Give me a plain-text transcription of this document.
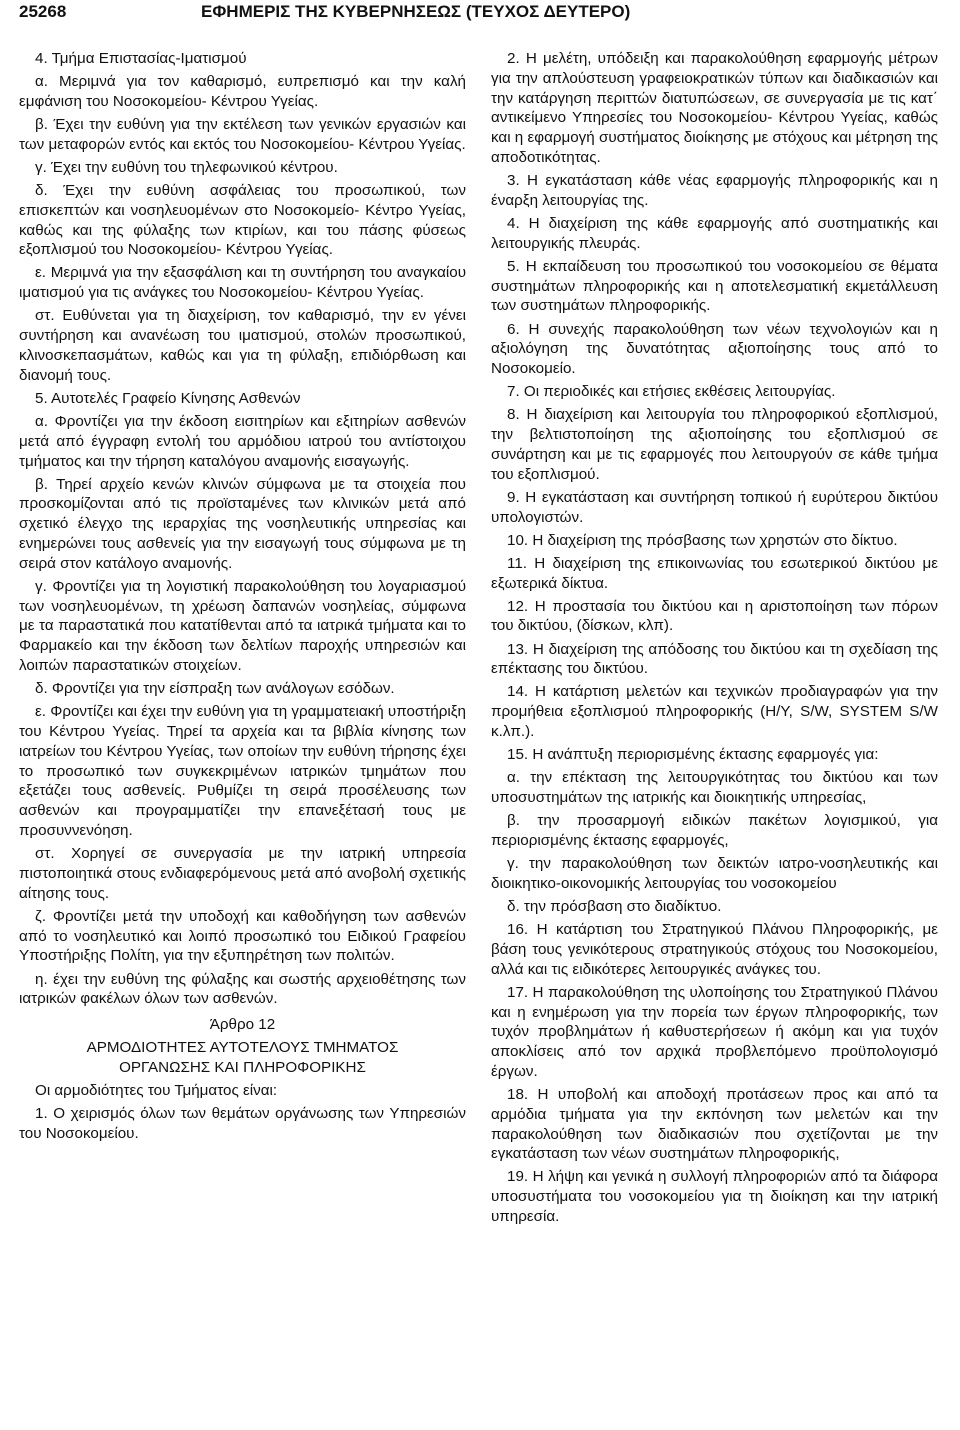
25268	ΕΦΗΜΕΡΙΣ ΤΗΣ ΚΥΒΕΡΝΗΣΕΩΣ (ΤΕΥΧΟΣ ΔΕΥΤΕΡΟ)

4. Τμήμα Επιστασίας-Ιματισμού

α. Μεριμνά για τον καθαρισμό, ευπρεπισμό και την καλή εμφάνιση του Νοσοκομείου- Κέντρου Υγείας.

β. Έχει την ευθύνη για την εκτέλεση των γενικών εργασιών και των μεταφορών εντός και εκτός του Νοσοκομείου- Κέντρου Υγείας.

γ. Έχει την ευθύνη του τηλεφωνικού κέντρου.

δ. Έχει την ευθύνη ασφάλειας του προσωπικού, των επισκεπτών και νοσηλευομένων στο Νοσοκομείο- Κέντρο Υγείας, καθώς και της φύλαξης των κτιρίων, και του πάσης φύσεως εξοπλισμού του Νοσοκομείου- Κέντρου Υγείας.

ε. Μεριμνά για την εξασφάλιση και τη συντήρηση του αναγκαίου ιματισμού για τις ανάγκες του Νοσοκομείου- Κέντρου Υγείας.

στ. Ευθύνεται για τη διαχείριση, τον καθαρισμό, την εν γένει συντήρηση και ανανέωση του ιματισμού, στολών προσωπικού, κλινοσκεπασμάτων, καθώς και για τη φύλαξη, επιδιόρθωση και διανομή τους.

5. Αυτοτελές Γραφείο Κίνησης Ασθενών

α. Φροντίζει για την έκδοση εισιτηρίων και εξιτηρίων ασθενών μετά από έγγραφη εντολή του αρμόδιου ιατρού του αντίστοιχου τμήματος και την τήρηση καταλόγου αναμονής εισαγωγής.

β. Τηρεί αρχείο κενών κλινών σύμφωνα με τα στοιχεία που προσκομίζονται από τις προϊσταμένες των κλινικών μετά από σχετικό έλεγχο της ιεραρχίας της νοσηλευτικής υπηρεσίας και ενημερώνει τους ασθενείς για την εισαγωγή τους σύμφωνα με τη σειρά στον κατάλογο αναμονής.

γ. Φροντίζει για τη λογιστική παρακολούθηση του λογαριασμού των νοσηλευομένων, τη χρέωση δαπανών νοσηλείας, σύμφωνα με τα παραστατικά που κατατίθενται από τα ιατρικά τμήματα και το Φαρμακείο και την έκδοση των δελτίων παροχής υπηρεσιών και λοιπών παραστατικών στοιχείων.

δ. Φροντίζει για την είσπραξη των ανάλογων εσόδων.

ε. Φροντίζει και έχει την ευθύνη για τη γραμματειακή υποστήριξη του Κέντρου Υγείας. Τηρεί τα αρχεία και τα βιβλία κίνησης των ιατρείων του Κέντρου Υγείας, των οποίων την ευθύνη τήρησης έχει το προσωπικό των συγκεκριμένων ιατρικών τμημάτων που εξετάζει τους ασθενείς. Ρυθμίζει τη σειρά προσέλευσης των ασθενών και προγραμματίζει την επανεξέτασή τους με προσυννενόηση.

στ. Χορηγεί σε συνεργασία με την ιατρική υπηρεσία πιστοποιητικά στους ενδιαφερόμενους μετά από ανοβολή σχετικής αίτησης τους.

ζ. Φροντίζει μετά την υποδοχή και καθοδήγηση των ασθενών από το νοσηλευτικό και λοιπό προσωπικό του Ειδικού Γραφείου Υποστήριξης Πολίτη, για την εξυπηρέτηση των πολιτών.

η. έχει την ευθύνη της φύλαξης και σωστής αρχειοθέτησης των ιατρικών φακέλων όλων των ασθενών.

Άρθρο 12

ΑΡΜΟΔΙΟΤΗΤΕΣ ΑΥΤΟΤΕΛΟΥΣ ΤΜΗΜΑΤΟΣ

ΟΡΓΑΝΩΣΗΣ ΚΑΙ ΠΛΗΡΟΦΟΡΙΚΗΣ

Οι αρμοδιότητες του Τμήματος είναι:

1. Ο χειρισμός όλων των θεμάτων οργάνωσης των Υπηρεσιών του Νοσοκομείου.

2. Η μελέτη, υπόδειξη και παρακολούθηση εφαρμογής μέτρων για την απλούστευση γραφειοκρατικών τύπων και διαδικασιών και την κατάργηση περιττών διατυπώσεων, σε συνεργασία με τις κατ΄ αντικείμενο Υπηρεσίες του Νοσοκομείου- Κέντρου Υγείας, καθώς και η εφαρμογή συστήματος διοίκησης με στόχους και μέτρηση της αποδοτικότητας.

3. Η εγκατάσταση κάθε νέας εφαρμογής πληροφορικής και η έναρξη λειτουργίας της.

4. Η διαχείριση της κάθε εφαρμογής από συστηματικής και λειτουργικής πλευράς.

5. Η εκπαίδευση του προσωπικού του νοσοκομείου σε θέματα συστημάτων πληροφορικής και η αποτελεσματική εκμετάλλευση των συστημάτων πληροφορικής.

6. Η συνεχής παρακολούθηση των νέων τεχνολογιών και η αξιολόγηση της δυνατότητας αξιοποίησης τους από το Νοσοκομείο.

7. Οι περιοδικές και ετήσιες εκθέσεις λειτουργίας.

8. Η διαχείριση και λειτουργία του πληροφορικού εξοπλισμού, την βελτιστοποίηση της αξιοποίησης του εξοπλισμού σε συνάρτηση και με τις εφαρμογές που λειτουργούν σε κάθε τμήμα του εξοπλισμού.

9. Η εγκατάσταση και συντήρηση τοπικού ή ευρύτερου δικτύου υπολογιστών.

10. Η διαχείριση της πρόσβασης των χρηστών στο δίκτυο.

11. Η διαχείριση της επικοινωνίας του εσωτερικού δικτύου με εξωτερικά δίκτυα.

12. Η προστασία του δικτύου και η αριστοποίηση των πόρων του δικτύου, (δίσκων, κλπ).

13. Η διαχείριση της απόδοσης του δικτύου και τη σχεδίαση της επέκτασης του δικτύου.

14. Η κατάρτιση μελετών και τεχνικών προδιαγραφών για την προμήθεια εξοπλισμού πληροφορικής (Η/Υ, S/W, SYSTEM S/W κ.λπ.).

15. Η ανάπτυξη περιορισμένης έκτασης εφαρμογές για:

α. την επέκταση της λειτουργικότητας του δικτύου και των υποσυστημάτων της ιατρικής και διοικητικής υπηρεσίας,

β. την προσαρμογή ειδικών πακέτων λογισμικού, για περιορισμένης έκτασης εφαρμογές,

γ. την παρακολούθηση των δεικτών ιατρο-νοσηλευτικής και διοικητικο-οικονομικής λειτουργίας του νοσοκομείου

δ. την πρόσβαση στο διαδίκτυο.

16. Η κατάρτιση του Στρατηγικού Πλάνου Πληροφορικής, με βάση τους γενικότερους στρατηγικούς στόχους του Νοσοκομείου, αλλά και τις ειδικότερες λειτουργικές ανάγκες του.

17. Η παρακολούθηση της υλοποίησης του Στρατηγικού Πλάνου και η ενημέρωση για την πορεία των έργων πληροφορικής, των τυχόν προβλημάτων ή καθυστερήσεων ή ακόμη και για τυχόν αποκλίσεις από τον αρχικά προβλεπόμενο προϋπολογισμό έργων.

18. Η υποβολή και αποδοχή προτάσεων προς και από τα αρμόδια τμήματα για την εκπόνηση των μελετών και την παρακολούθηση των διαδικασιών που σχετίζονται με την εγκατάσταση των νέων συστημάτων πληροφορικής,

19. Η λήψη και γενικά η συλλογή πληροφοριών από τα διάφορα υποσυστήματα του νοσοκομείου για τη διοίκηση και την ιατρική υπηρεσία.
